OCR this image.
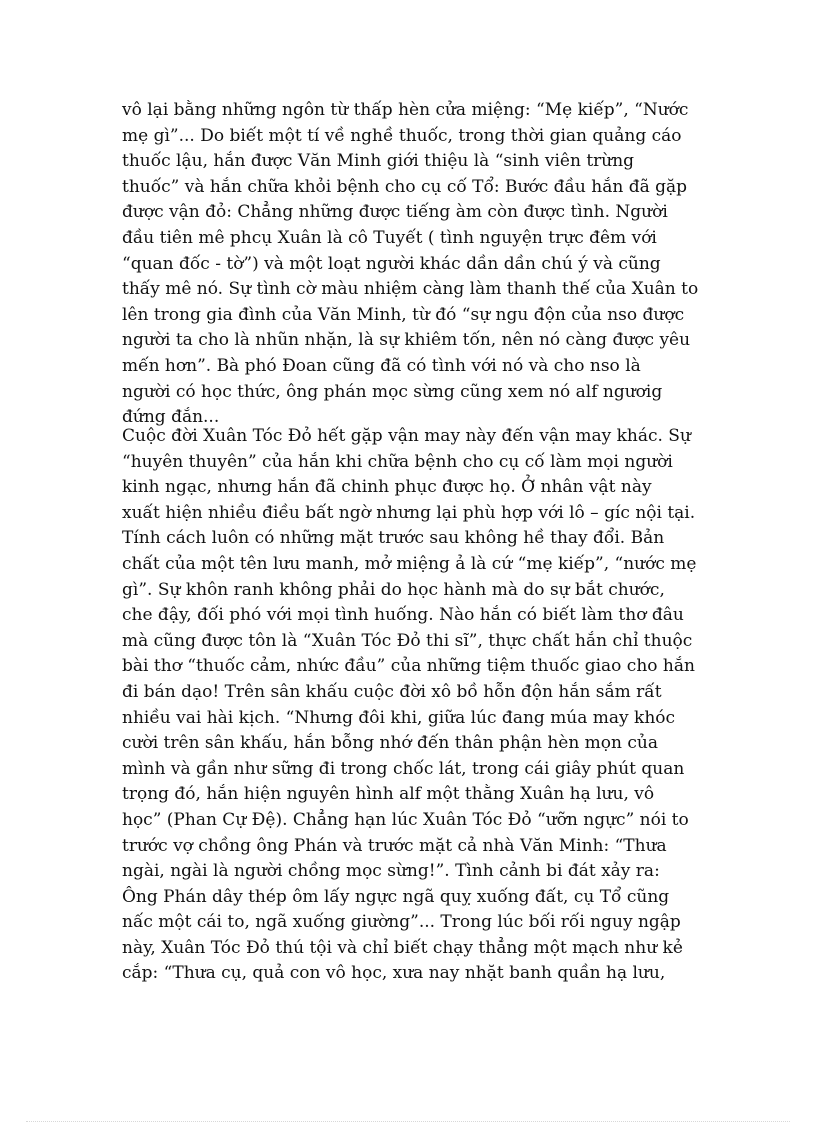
vô lại bằng những ngôn từ thấp hèn cửa miệng: “Mẹ kiếp”, “Nước
mẹ gì”... Do biết một tí về nghề thuốc, trong thời gian quảng cáo
thuốc lậu, hắn được Văn Minh giới thiệu là “sinh viên trừng
thuốc” và hắn chữa khỏi bệnh cho cụ cố Tổ: Bước đầu hắn đã gặp
được vận đỏ: Chẳng những được tiếng àm còn được tình. Người
đầu tiên mê phcụ Xuân là cô Tuyết ( tình nguyện trực đêm với
“quan đốc - tờ”) và một loạt người khác dần dần chú ý và cũng
thấy mê nó. Sự tình cờ màu nhiệm càng làm thanh thế của Xuân to
lên trong gia đình của Văn Minh, từ đó “sự ngu độn của nso được
người ta cho là nhũn nhặn, là sự khiêm tốn, nên nó càng được yêu
mến hơn”. Bà phó Đoan cũng đã có tình với nó và cho nso là
người có học thức, ông phán mọc sừng cũng xem nó alf ngươig
đứng đắn...
Cuộc đời Xuân Tóc Đỏ hết gặp vận may này đến vận may khác. Sự
“huyên thuyên” của hắn khi chữa bệnh cho cụ cố làm mọi người
kinh ngạc, nhưng hắn đã chinh phục được họ. Ở nhân vật này
xuất hiện nhiều điều bất ngờ nhưng lại phù hợp với lô – gíc nội tại.
Tính cách luôn có những mặt trước sau không hề thay đổi. Bản
chất của một tên lưu manh, mở miệng ả là cứ “mẹ kiếp”, “nước mẹ
gì”. Sự khôn ranh không phải do học hành mà do sự bắt chước,
che đậy, đối phó với mọi tình huống. Nào hắn có biết làm thơ đâu
mà cũng được tôn là “Xuân Tóc Đỏ thi sĩ”, thực chất hắn chỉ thuộc
bài thơ “thuốc cảm, nhức đầu” của những tiệm thuốc giao cho hắn
đi bán dạo! Trên sân khấu cuộc đời xô bồ hỗn độn hắn sắm rất
nhiều vai hài kịch. “Nhưng đôi khi, giữa lúc đang múa may khóc
cười trên sân khấu, hắn bỗng nhớ đến thân phận hèn mọn của
mình và gần như sững đi trong chốc lát, trong cái giây phút quan
trọng đó, hắn hiện nguyên hình alf một thằng Xuân hạ lưu, vô
học” (Phan Cự Đệ). Chẳng hạn lúc Xuân Tóc Đỏ “ưỡn ngực” nói to
trước vợ chồng ông Phán và trước mặt cả nhà Văn Minh: “Thưa
ngài, ngài là người chồng mọc sừng!”. Tình cảnh bi đát xảy ra:
Ông Phán dây thép ôm lấy ngực ngã quỵ xuống đất, cụ Tổ cũng
nấc một cái to, ngã xuống giường”... Trong lúc bối rối nguy ngập
này, Xuân Tóc Đỏ thú tội và chỉ biết chạy thẳng một mạch như kẻ
cắp: “Thưa cụ, quả con vô học, xưa nay nhặt banh quần hạ lưu,
